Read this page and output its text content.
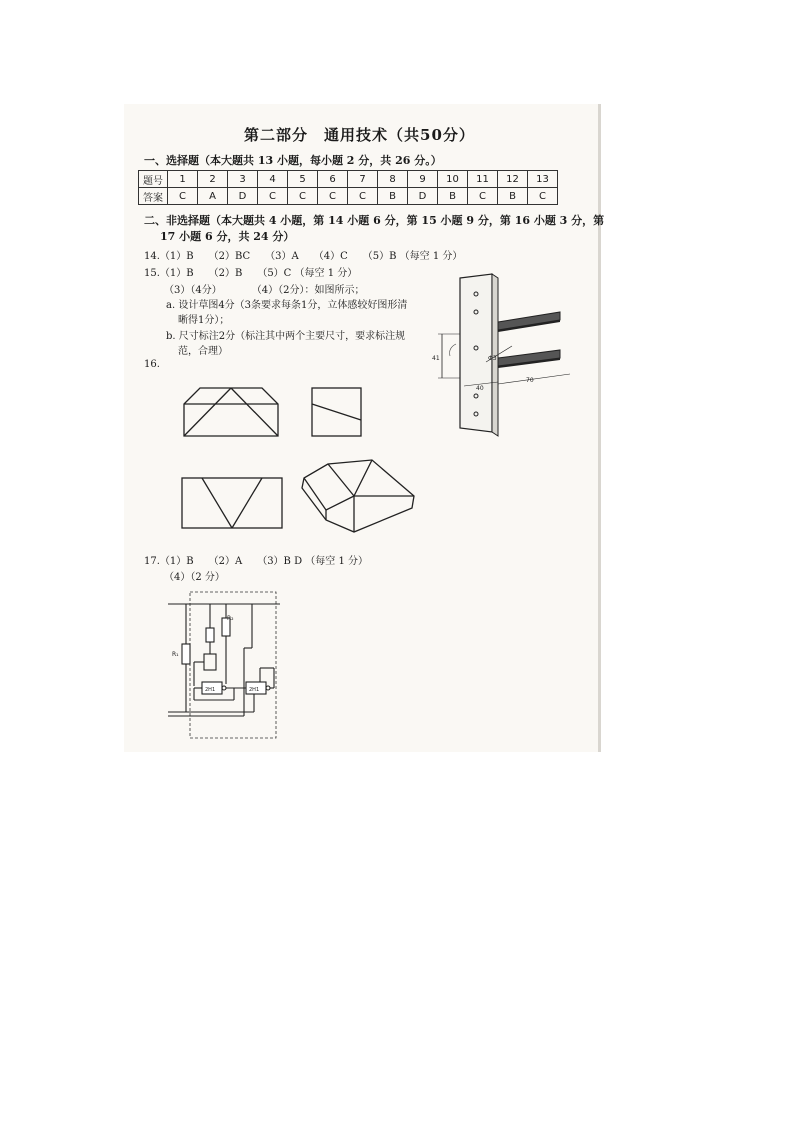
第二部分　通用技术（共50分）
一、选择题（本大题共 13 小题，每小题 2 分，共 26 分。）
题号	1	2	3	4	5	6	7	8	9	10	11	12	13
答案	C	A	D	C	C	C	C	B	D	B	C	B	C
二、非选择题（本大题共 4 小题，第 14 小题 6 分，第 15 小题 9 分，第 16 小题 3 分，第
17 小题 6 分，共 24 分）
14.（1）B　　（2）BC　　（3）A　　（4）C　　（5）B （每空 1 分）
15.（1）B　　（2）B　　（5）C （每空 1 分）
（3）（4分）　　　　（4）（2分）：如图所示；
a. 设计草图4分（3条要求每条1分，立体感较好图形清
晰得1分）；
b. 尺寸标注2分（标注其中两个主要尺寸，要求标注规
范，合理）
16.
17.（1）B　　（2）A　　（3）B D （每空 1 分）
（4）（2 分）
41	Φ3
40
70
R₁
R₂
2H1	2H1
